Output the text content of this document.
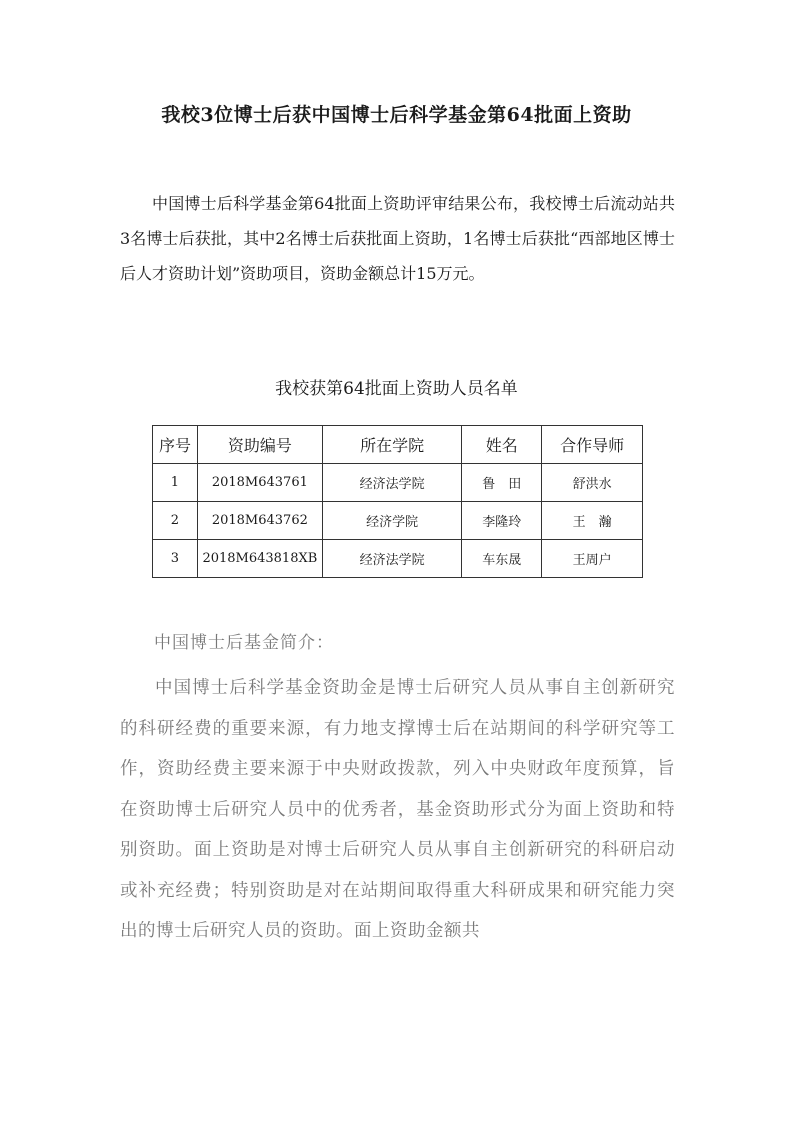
我校3位博士后获中国博士后科学基金第64批面上资助

中国博士后科学基金第64批面上资助评审结果公布，我校博士后流动站共3名博士后获批，其中2名博士后获批面上资助，1名博士后获批“西部地区博士后人才资助计划”资助项目，资助金额总计15万元。

我校获第64批面上资助人员名单

序号	资助编号	所在学院	姓名	合作导师
1	2018M643761	经济法学院	鲁　田	舒洪水
2	2018M643762	经济学院	李隆玲	王　瀚
3	2018M643818XB	经济法学院	车东晟	王周户

中国博士后基金简介：

中国博士后科学基金资助金是博士后研究人员从事自主创新研究的科研经费的重要来源，有力地支撑博士后在站期间的科学研究等工作，资助经费主要来源于中央财政拨款，列入中央财政年度预算，旨在资助博士后研究人员中的优秀者，基金资助形式分为面上资助和特别资助。面上资助是对博士后研究人员从事自主创新研究的科研启动或补充经费；特别资助是对在站期间取得重大科研成果和研究能力突出的博士后研究人员的资助。面上资助金额共
